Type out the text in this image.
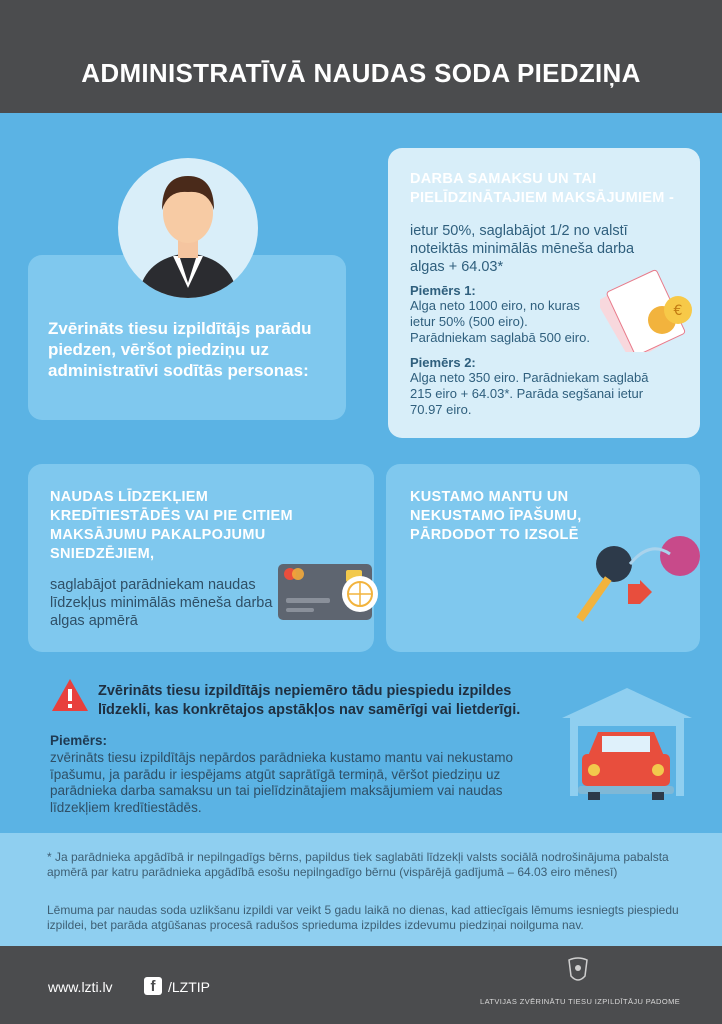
ADMINISTRATĪVĀ NAUDAS SODA PIEDZIŅA
Zvērināts tiesu izpildītājs parādu piedzen, vēršot piedziņu uz administratīvi sodītās personas:
DARBA SAMAKSU UN TAI PIELĪDZINĀTAJIEM MAKSĀJUMIEM -
ietur 50%, saglabājot 1/2 no valstī noteiktās minimālās mēneša darba algas + 64.03*
Piemērs 1:
Alga neto 1000 eiro, no kuras ietur 50% (500 eiro). Parādniekam saglabā 500 eiro.
Piemērs 2:
Alga neto 350 eiro. Parādniekam saglabā 215 eiro + 64.03*. Parāda segšanai ietur 70.97 eiro.
€
NAUDAS LĪDZEKĻIEM KREDĪTIESTĀDĒS VAI PIE CITIEM MAKSĀJUMU PAKALPOJUMU SNIEDZĒJIEM,
saglabājot parādniekam naudas līdzekļus minimālās mēneša darba algas apmērā
KUSTAMO MANTU UN NEKUSTAMO ĪPAŠUMU, PĀRDODOT TO IZSOLĒ
Zvērināts tiesu izpildītājs nepiemēro tādu piespiedu izpildes līdzekli, kas konkrētajos apstākļos nav samērīgi vai lietderīgi.
Piemērs:
zvērināts tiesu izpildītājs nepārdos parādnieka kustamo mantu vai nekustamo īpašumu, ja parādu ir iespējams atgūt saprātīgā termiņā, vēršot piedziņu uz parādnieka darba samaksu un tai pielīdzinātajiem maksājumiem vai naudas līdzekļiem kredītiestādēs.

* Ja parādnieka apgādībā ir nepilngadīgs bērns, papildus tiek saglabāti līdzekļi valsts sociālā nodrošinājuma pabalsta apmērā par katru parādnieka apgādībā esošu nepilngadīgo bērnu (vispārējā gadījumā – 64.03 eiro mēnesī)

Lēmuma par naudas soda uzlikšanu izpildi var veikt 5 gadu laikā no dienas, kad attiecīgais lēmums iesniegts piespiedu izpildei, bet parāda atgūšanas procesā radušos sprieduma izpildes izdevumu piedziņai noilguma nav.

www.lzti.lv	f /LZTIP
LATVIJAS ZVĒRINĀTU TIESU IZPILDĪTĀJU PADOME
